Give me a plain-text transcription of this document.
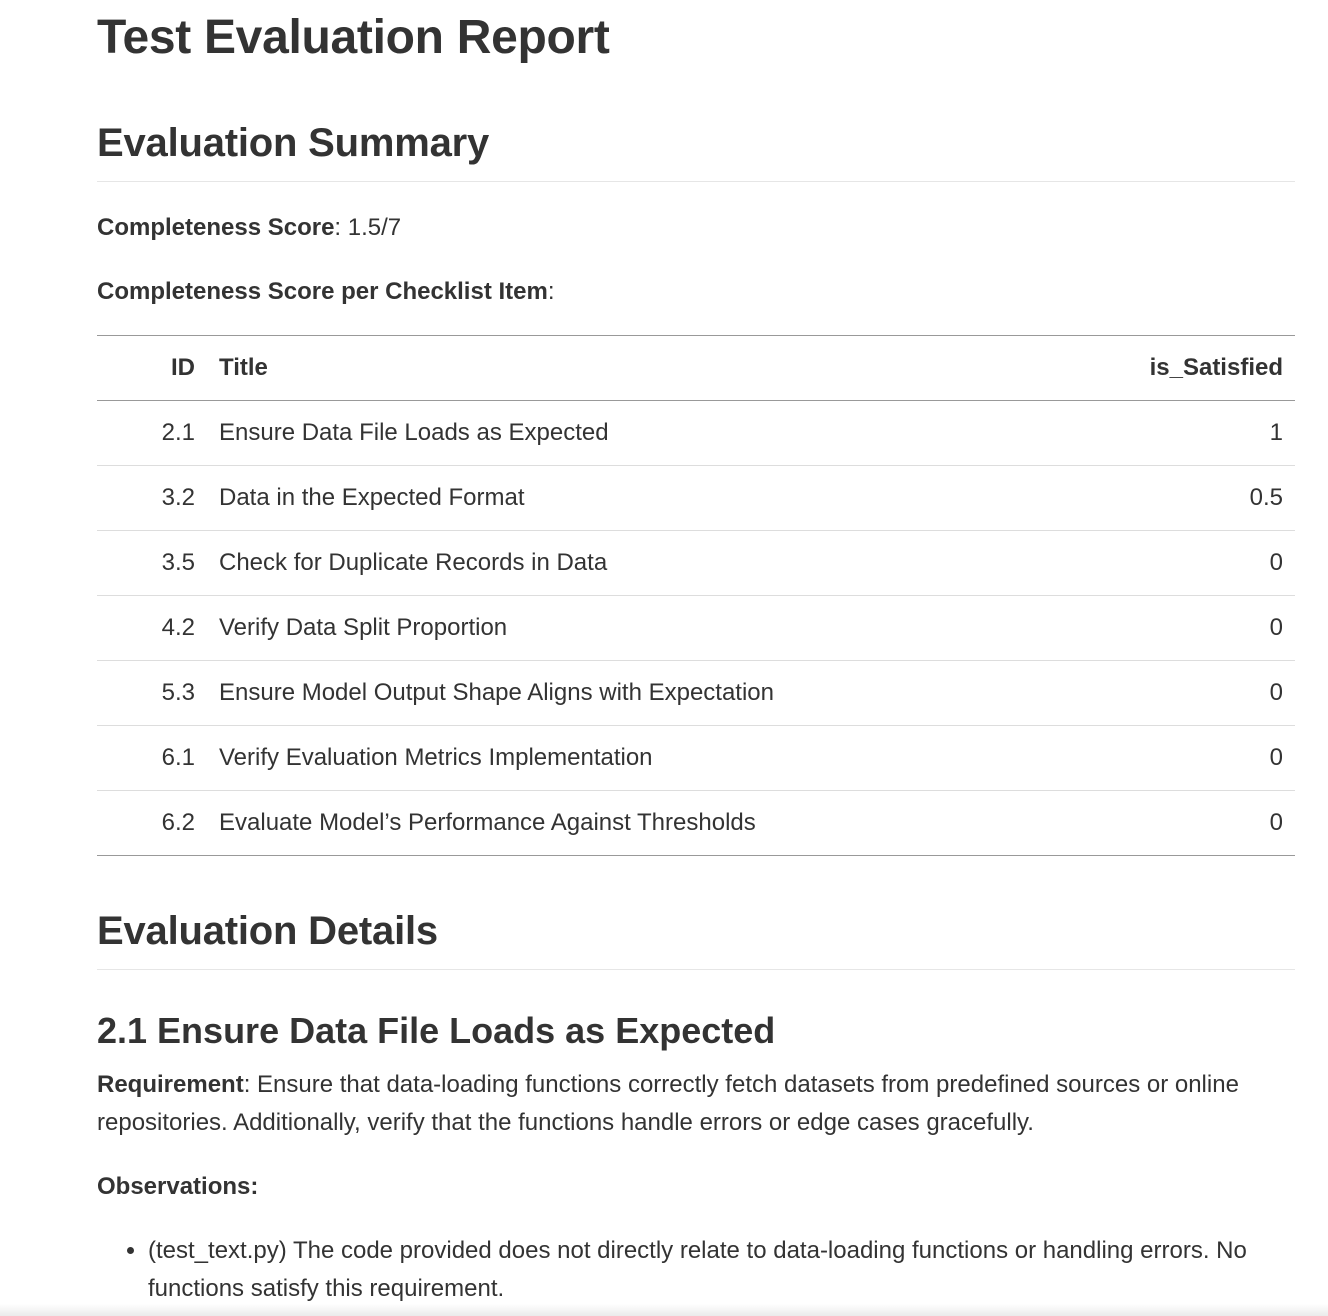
Test Evaluation Report
Evaluation Summary

Completeness Score: 1.5/7

Completeness Score per Checklist Item:

ID	Title	is_Satisfied
2.1	Ensure Data File Loads as Expected	1
3.2	Data in the Expected Format	0.5
3.5	Check for Duplicate Records in Data	0
4.2	Verify Data Split Proportion	0
5.3	Ensure Model Output Shape Aligns with Expectation	0
6.1	Verify Evaluation Metrics Implementation	0
6.2	Evaluate Model’s Performance Against Thresholds	0
Evaluation Details
2.1 Ensure Data File Loads as Expected

Requirement: Ensure that data-loading functions correctly fetch datasets from predefined sources or online repositories. Additionally, verify that the functions handle errors or edge cases gracefully.

Observations:

• (test_text.py) The code provided does not directly relate to data-loading functions or handling errors. No functions satisfy this requirement.
